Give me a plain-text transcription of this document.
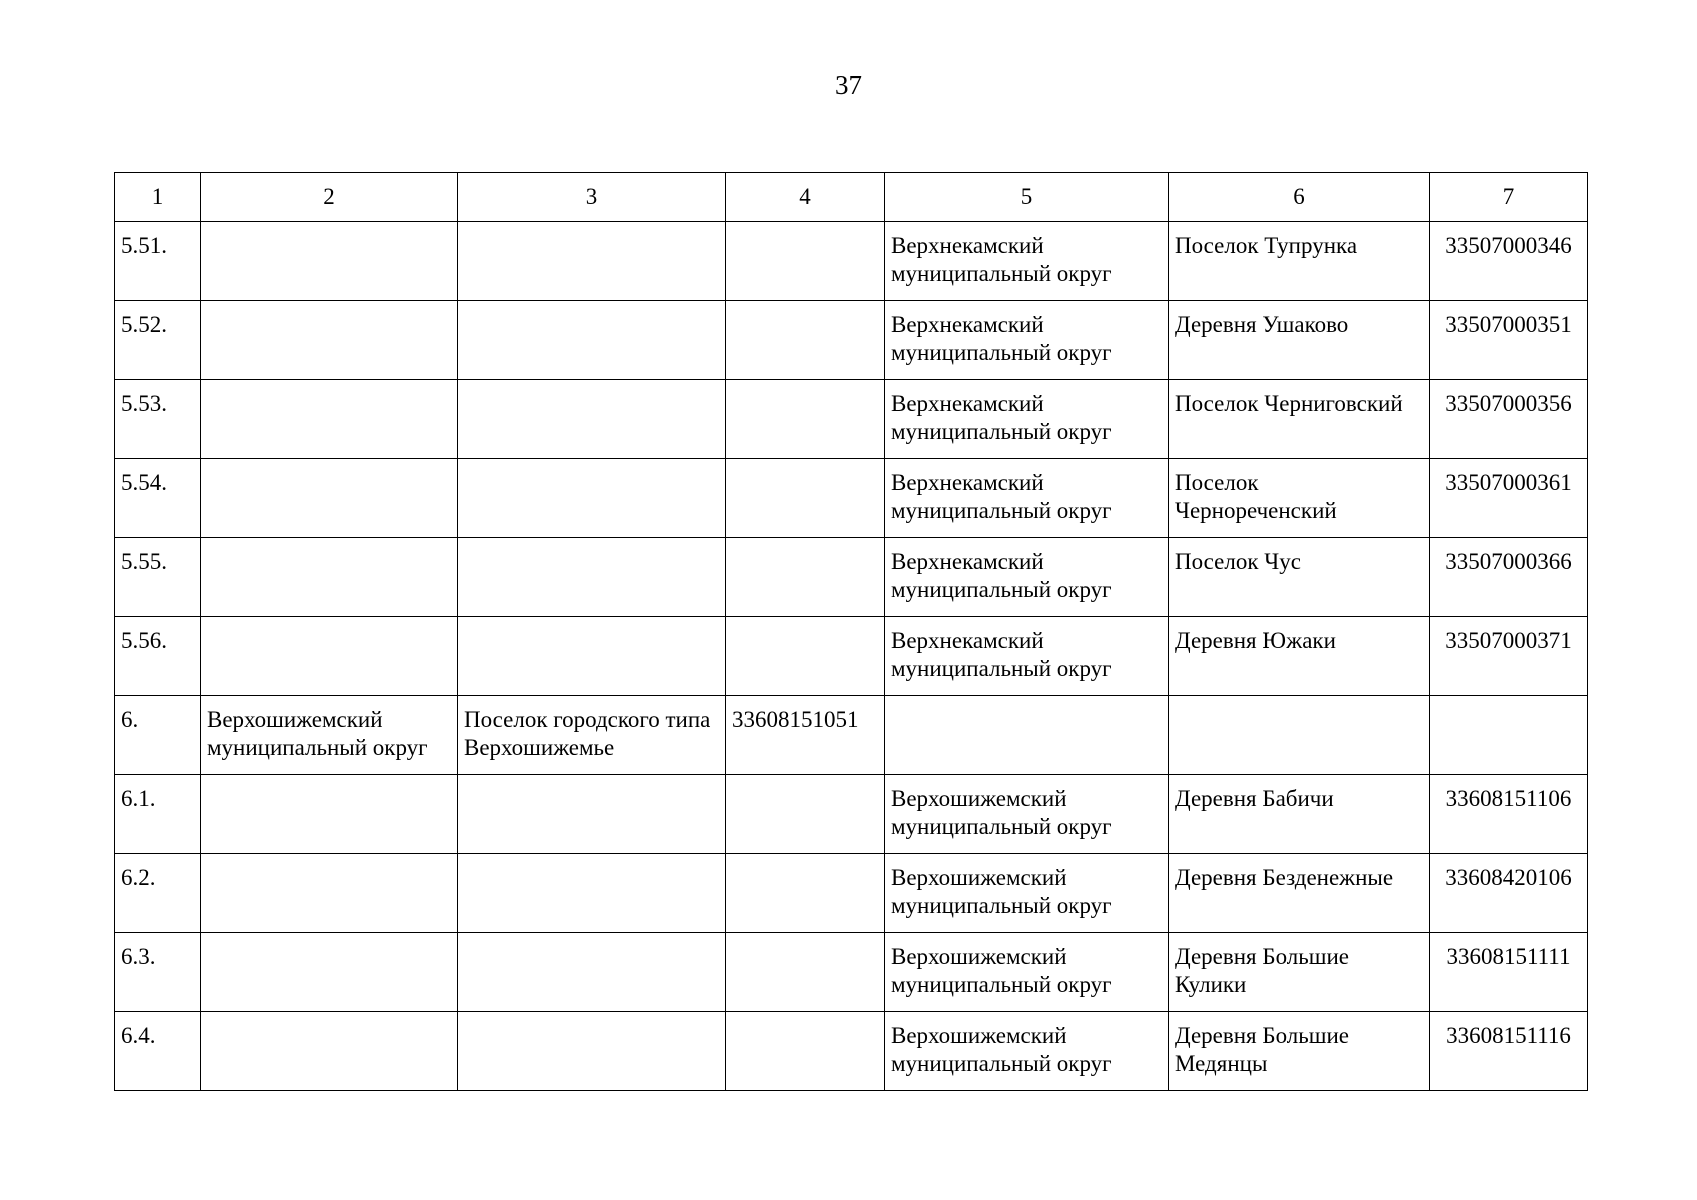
37
1	2	3	4	5	6	7
5.51.				Верхнекамский муниципальный округ	Поселок Тупрунка	33507000346
5.52.				Верхнекамский муниципальный округ	Деревня Ушаково	33507000351
5.53.				Верхнекамский муниципальный округ	Поселок Черниговский	33507000356
5.54.				Верхнекамский муниципальный округ	Поселок Чернореченский	33507000361
5.55.				Верхнекамский муниципальный округ	Поселок Чус	33507000366
5.56.				Верхнекамский муниципальный округ	Деревня Южаки	33507000371
6.	Верхошижемский муниципальный округ	Поселок городского типа Верхошижемье	33608151051			
6.1.				Верхошижемский муниципальный округ	Деревня Бабичи	33608151106
6.2.				Верхошижемский муниципальный округ	Деревня Безденежные	33608420106
6.3.				Верхошижемский муниципальный округ	Деревня Большие Кулики	33608151111
6.4.				Верхошижемский муниципальный округ	Деревня Большие Медянцы	33608151116
